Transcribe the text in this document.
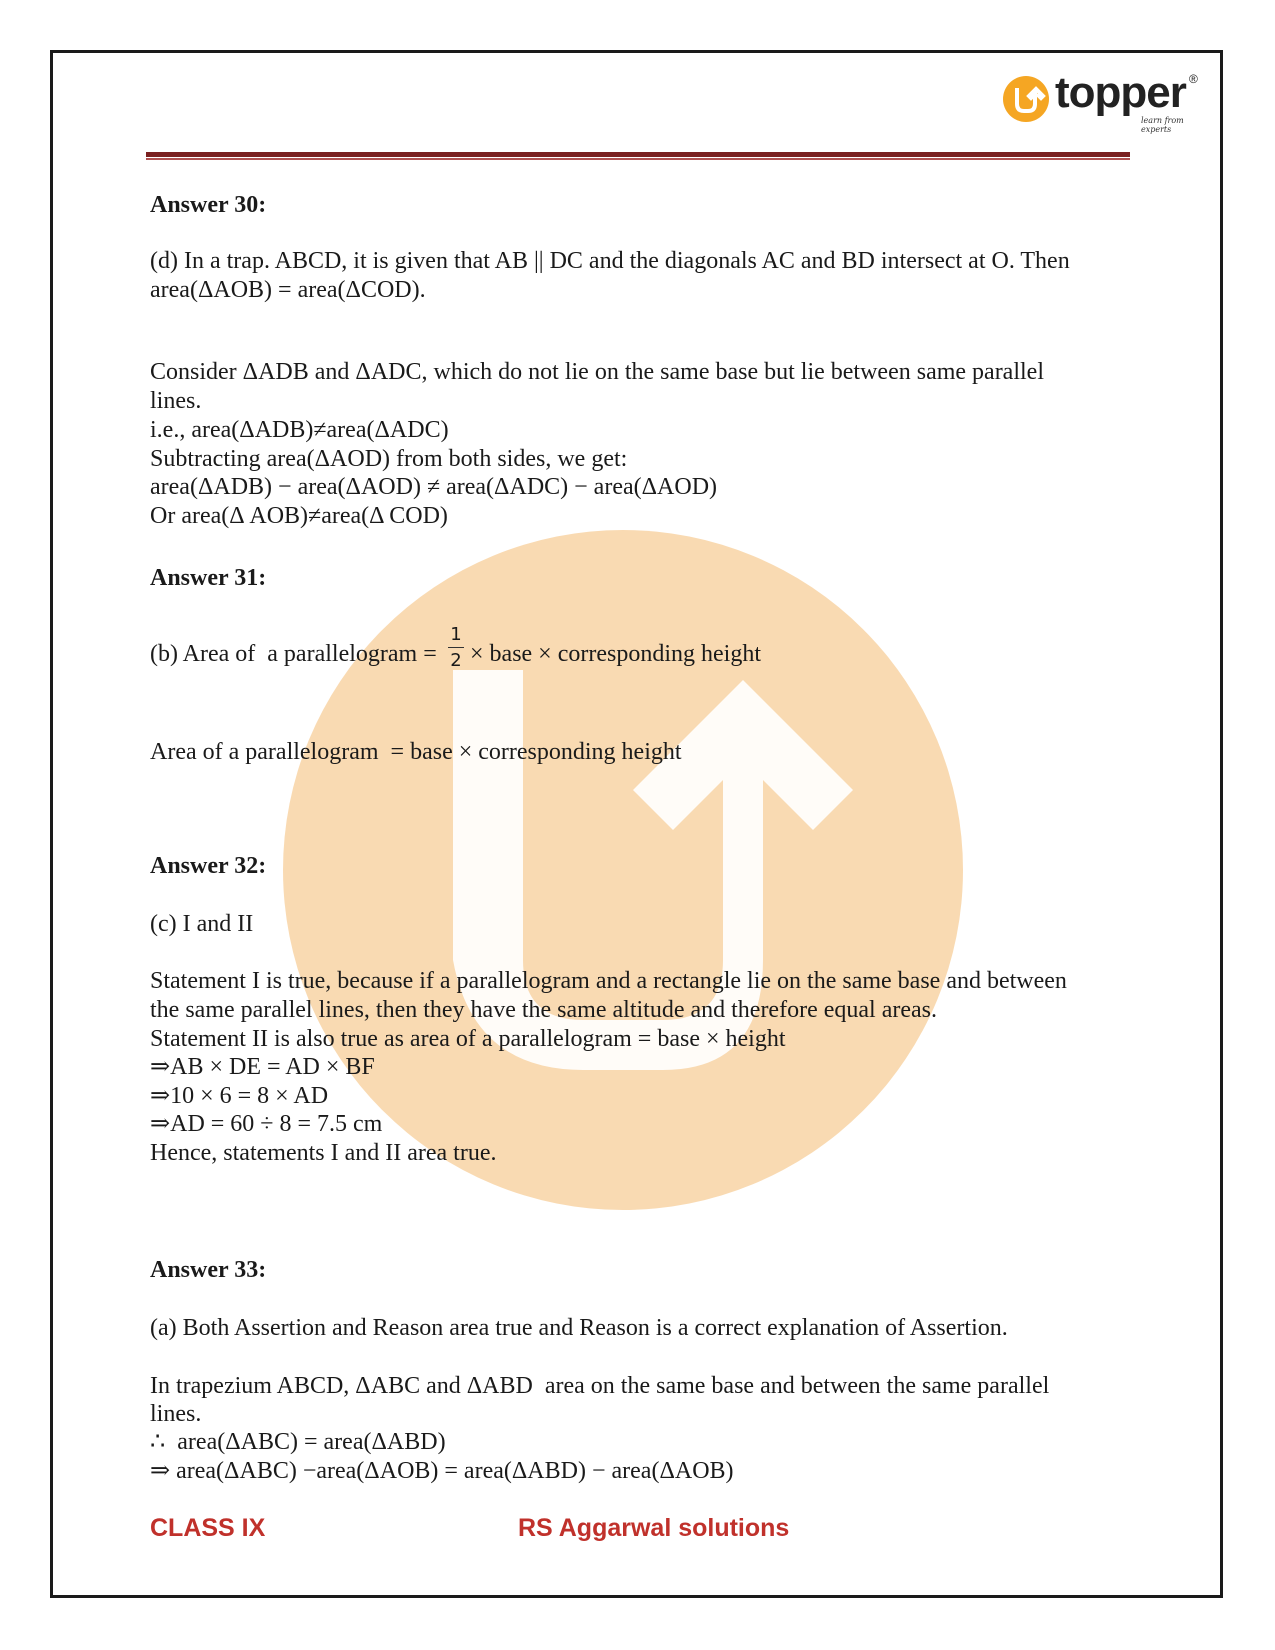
topper ®
learn from experts
Answer 30:
(d) In a trap. ABCD, it is given that AB || DC and the diagonals AC and BD intersect at O. Then
area(ΔAOB) = area(ΔCOD).
Consider ΔADB and ΔADC, which do not lie on the same base but lie between same parallel
lines.
i.e., area(ΔADB)≠area(ΔADC)
Subtracting area(ΔAOD) from both sides, we get:
area(ΔADB) − area(ΔAOD) ≠ area(ΔADC) − area(ΔAOD)
Or area(Δ AOB)≠area(Δ COD)
Answer 31:
(b) Area of  a parallelogram =
1
2 × base × corresponding height
Area of a parallelogram  = base × corresponding height
Answer 32:
(c) I and II
Statement I is true, because if a parallelogram and a rectangle lie on the same base and between
the same parallel lines, then they have the same altitude and therefore equal areas.
Statement II is also true as area of a parallelogram = base × height
⇒AB × DE = AD × BF
⇒10 × 6 = 8 × AD
⇒AD = 60 ÷ 8 = 7.5 cm
Hence, statements I and II area true.
Answer 33:
(a) Both Assertion and Reason area true and Reason is a correct explanation of Assertion.
In trapezium ABCD, ΔABC and ΔABD  area on the same base and between the same parallel
lines.
∴  area(ΔABC) = area(ΔABD)
⇒ area(ΔABC) −area(ΔAOB) = area(ΔABD) − area(ΔAOB)
CLASS IX	RS Aggarwal solutions
